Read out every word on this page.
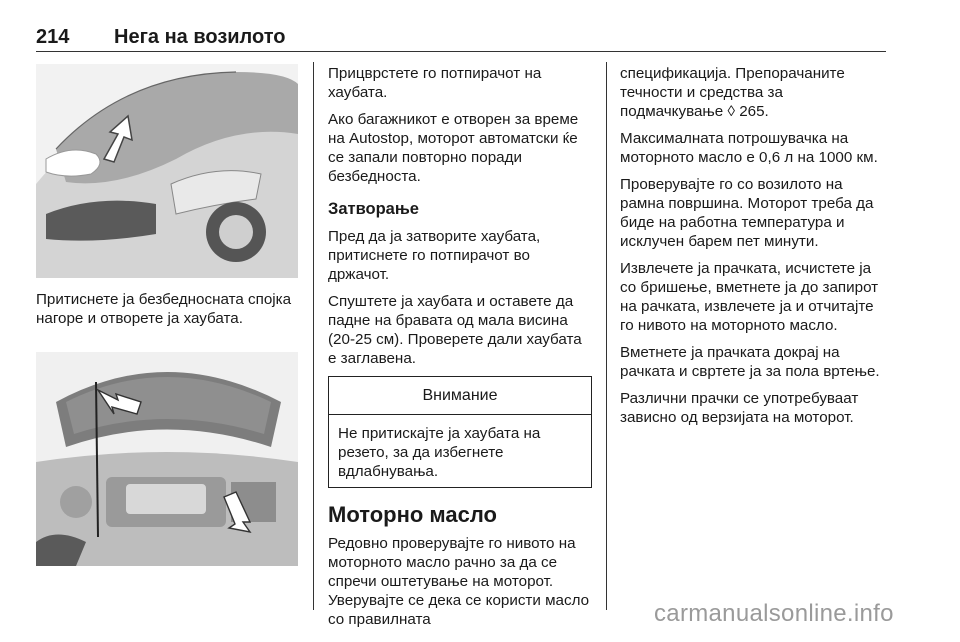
214 Нега на возилото
Притиснете ја безбедносната спојка нагоре и отворете ја хаубата.

Прицврстете го потпирачот на хаубата.

Ако багажникот е отворен за време на Autostop, моторот автоматски ќе се запали повторно поради безбедноста.

Затворање

Пред да ја затворите хаубата, притиснете го потпирачот во држачот.

Спуштете ја хаубата и оставете да падне на бравата од мала висина (20-25 см). Проверете дали хаубата е заглавена.

Внимание
Не притискајте ја хаубата на резето, за да избегнете вдлабнувања.
Моторно масло

Редовно проверувајте го нивото на моторното масло рачно за да се спречи оштетување на моторот. Уверувајте се дека се користи масло со правилната

спецификација. Препорачаните течности и средства за подмачкување ◊ 265.

Максималната потрошувачка на моторното масло е 0,6 л на 1000 км.

Проверувајте го со возилото на рамна површина. Моторот треба да биде на работна температура и исклучен барем пет минути.

Извлечете ја прачката, исчистете ја со бришење, вметнете ја до запирот на рачката, извлечете ја и отчитајте го нивото на моторното масло.

Вметнете ја прачката докрај на рачката и свртете ја за пола вртење.

Различни прачки се употребуваат зависно од верзијата на моторот.

carmanualsonline.info
